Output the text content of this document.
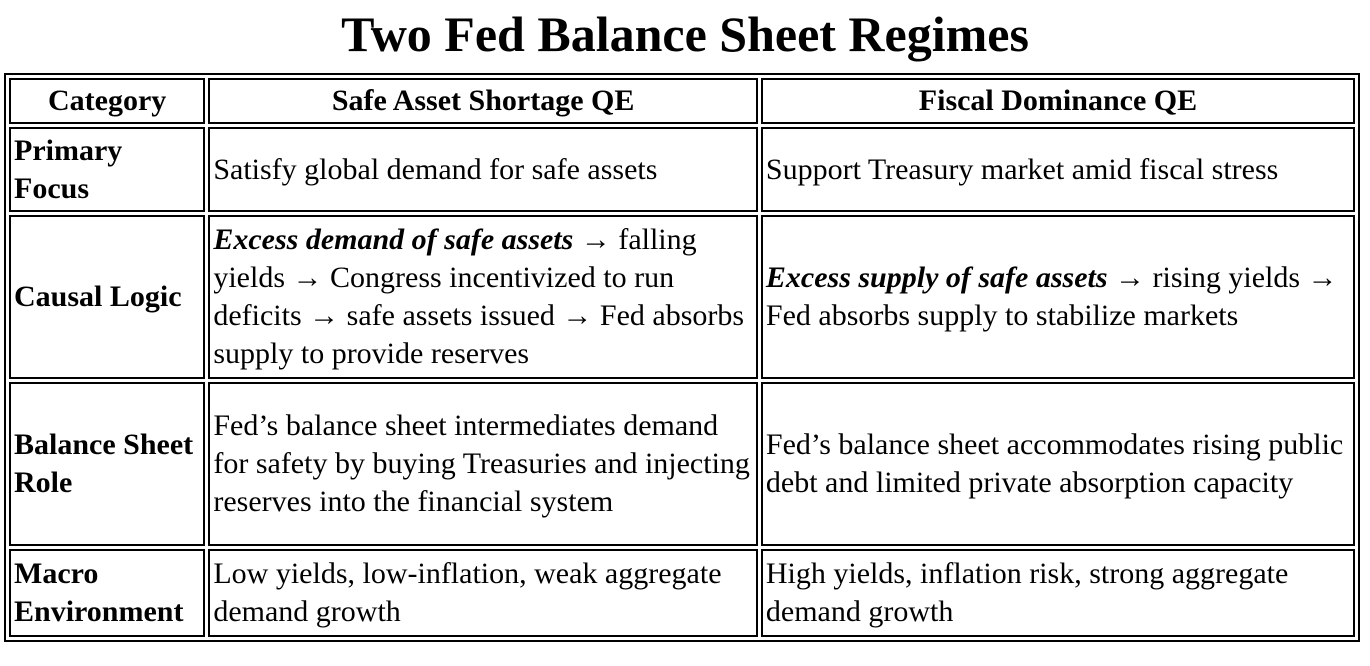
Two Fed Balance Sheet Regimes
Category	Safe Asset Shortage QE	Fiscal Dominance QE
Primary Focus	Satisfy global demand for safe assets	Support Treasury market amid fiscal stress
Causal Logic	Excess demand of safe assets → falling yields → Congress incentivized to run deficits → safe assets issued → Fed absorbs supply to provide reserves	Excess supply of safe assets → rising yields → Fed absorbs supply to stabilize markets
Balance Sheet Role	Fed’s balance sheet intermediates demand for safety by buying Treasuries and injecting reserves into the financial system	Fed’s balance sheet accommodates rising public debt and limited private absorption capacity
Macro Environment	Low yields, low-inflation, weak aggregate demand growth	High yields, inflation risk, strong aggregate demand growth
